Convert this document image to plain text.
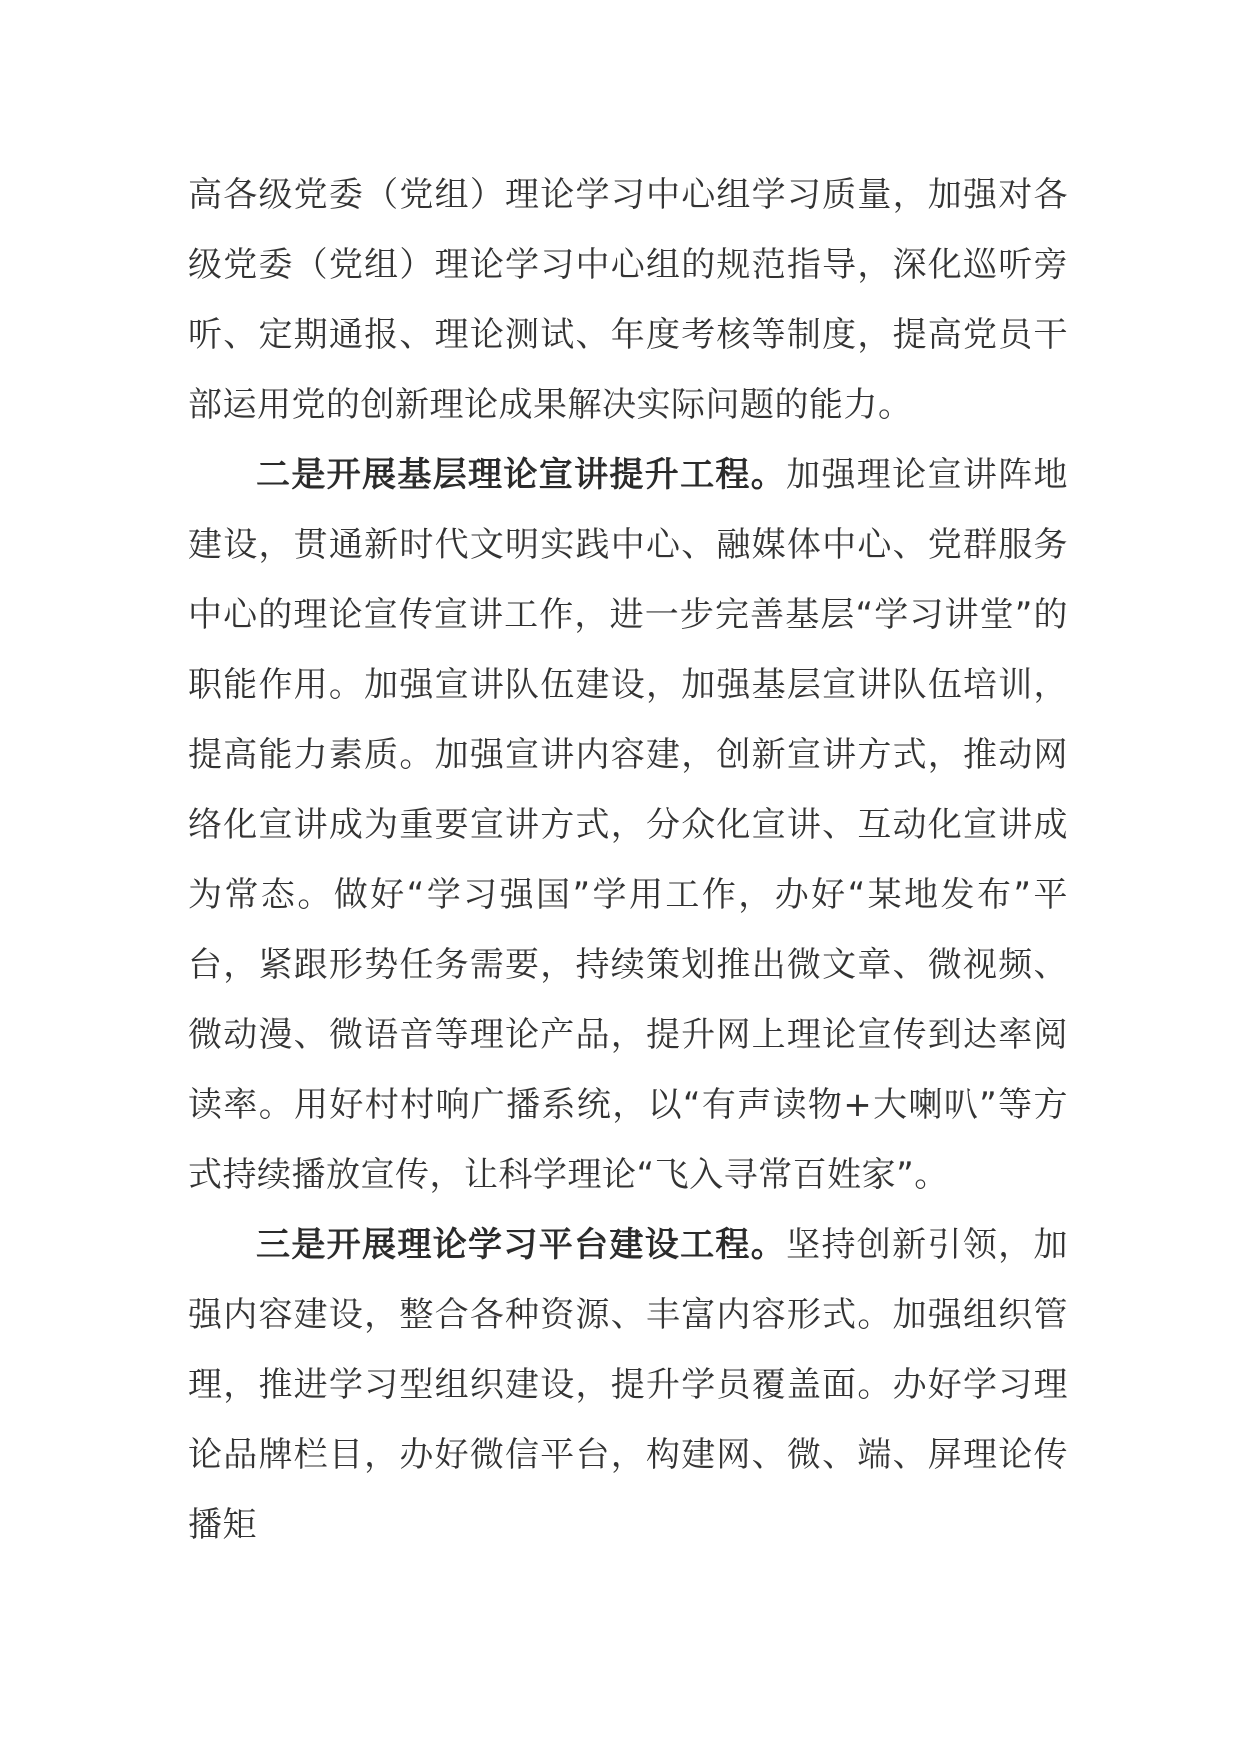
高各级党委（党组）理论学习中心组学习质量，加强对各级党委（党组）理论学习中心组的规范指导，深化巡听旁听、定期通报、理论测试、年度考核等制度，提高党员干部运用党的创新理论成果解决实际问题的能力。

二是开展基层理论宣讲提升工程。加强理论宣讲阵地建设，贯通新时代文明实践中心、融媒体中心、党群服务中心的理论宣传宣讲工作，进一步完善基层“学习讲堂”的职能作用。加强宣讲队伍建设，加强基层宣讲队伍培训，提高能力素质。加强宣讲内容建，创新宣讲方式，推动网络化宣讲成为重要宣讲方式，分众化宣讲、互动化宣讲成为常态。做好“学习强国”学用工作，办好“某地发布”平台，紧跟形势任务需要，持续策划推出微文章、微视频、微动漫、微语音等理论产品，提升网上理论宣传到达率阅读率。用好村村响广播系统，以“有声读物+大喇叭”等方式持续播放宣传，让科学理论“飞入寻常百姓家”。

三是开展理论学习平台建设工程。坚持创新引领，加强内容建设，整合各种资源、丰富内容形式。加强组织管理，推进学习型组织建设，提升学员覆盖面。办好学习理论品牌栏目，办好微信平台，构建网、微、端、屏理论传播矩
